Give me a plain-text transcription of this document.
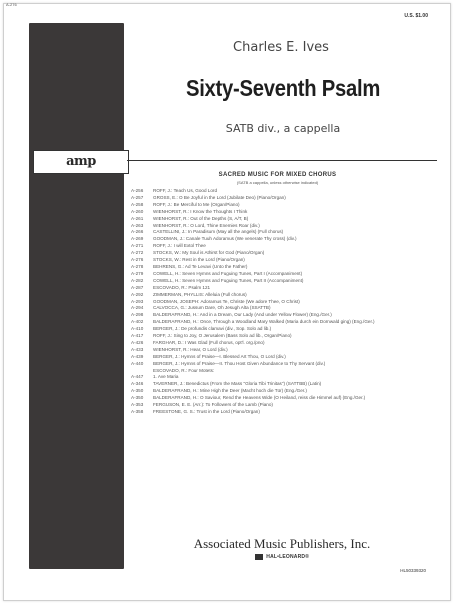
A-276
U.S. $1.00
amp
Charles E. Ives
Sixty-Seventh Psalm
SATB div., a cappella
SACRED MUSIC FOR MIXED CHORUS
(SATB a cappella, unless otherwise indicated)
A-256	ROFF, J.: Teach Us, Good Lord
A-257	GROSS, E.: O Be Joyful in the Lord (Jubilate Deo) (Piano/Organ)
A-258	ROFF, J.: Be Merciful to Me (Organ/Piano)
A-260	WIENHORST, R.: I Know the Thoughts I Think
A-261	WIENHORST, R.: Out of the Depths (S, A/T, B)
A-263	WIENHORST, R.: O Lord, Thine Enemies Roar (div.)
A-266	CASTELLINI, J.: In Paradisum (May all the angels) (Full chorus)
A-269	GOODMAN, J.: Canale Tuuh Adoramus (We venerate Thy cross) (div.)
A-271	ROFF, J.: I will Extol Thee
A-272	STOCKS, W.: My Soul is Athirst for God (Piano/Organ)
A-276	STOCKS, W.: Rest in the Lord (Piano/Organ)
A-278	BEHRENS, G.: Ad Te Levavi (Unto the Father)
A-279	COWELL, H.: Seven Hymns and Fuguing Tunes, Part I (Accompaniment)
A-282	COWELL, H.: Seven Hymns and Fuguing Tunes, Part II (Accompaniment)
A-287	ESCOVADO, R.: Psalm 121
A-292	ZIMMERMAN, PHYLLIS: Alleluia (Full chorus)
A-293	GOODMAN, JOSEPH: Adoramus Te, Christe (We adore Thee, O Christ)
A-294	CALVOCCA, G.: Jussum Dare, Oh Jesugh Alta (SSATTB)
A-298	BALDERAFRAND, H.: And in a Dream, Our Lady (And under Yellow Flower) (Eng./Ger.)
A-402	BALDERAFRAND, H.: Once, Through a Woodland Mary Walked (Maria durch ein Dornwald ging) (Eng./Ger.)
A-410	BERGER, J.: De profundis clamavi (div., Sop. Solo ad lib.)
A-417	ROFF, J.: Sing to Joy, O Jerusalem (Bass Solo ad lib., Organ/Piano)
A-426	FARGHAR, D.: I Was Glad (Full chorus, opt'l. org./pno)
A-433	WIENHORST, R.: Hear, O Lord (div.)
A-439	BERGER, J.: Hymns of Praise—I. Blessed Art Thou, O Lord (div.)
A-440	BERGER, J.: Hymns of Praise—II. Thou Host Given Abundance to Thy Servant (div.)
ESCOVADO, R.: Four Motets:
A-447	1. Ave Maria
A-346	TAVERNER, J.: Benedictus (From the Mass "Gloria Tibi Trinitas") (SATTBB) (Latin)
A-350	BALDERAFRAND, H.: Mine High the Deer (Macht hoch die Tür) (Eng./Ger.)
A-350	BALDERAFRAND, H.: O Saviour, Rend the Heavens Wide (O Heiland, reiss die Himmel auf) (Eng./Ger.)
A-353	FERGUSON, E. E. (Arr.): To Followers of the Lamb (Piano)
A-358	FREESTONE, G. S.: Trust in the Lord (Piano/Organ)
Associated Music Publishers, Inc.
HAL•LEONARD®
HL50339320
